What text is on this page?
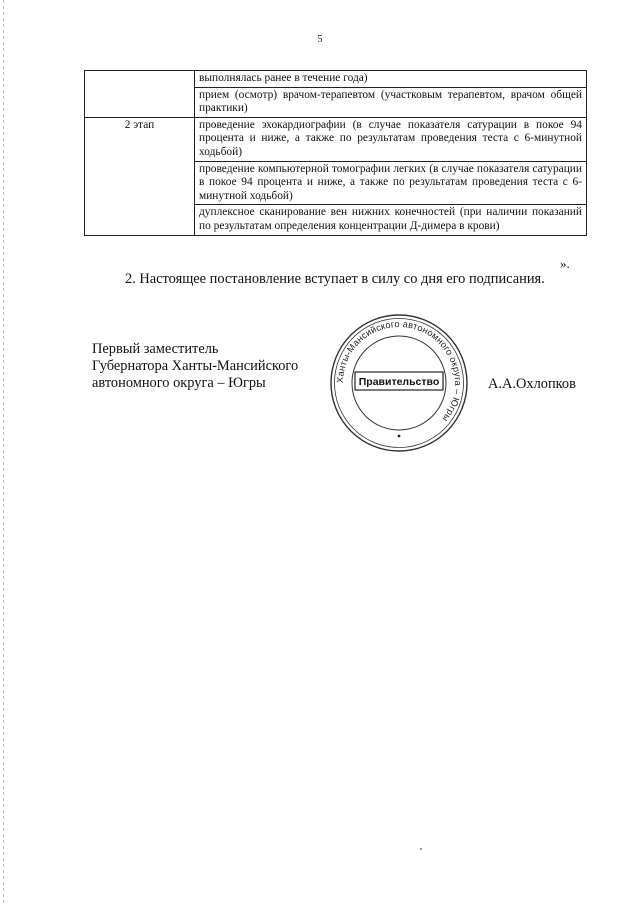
5
	выполнялась ранее в течение года)
	прием (осмотр) врачом-терапевтом (участковым терапевтом, врачом общей практики)
2 этап	проведение эхокардиографии (в случае показателя сатурации в покое 94 процента и ниже, а также по результатам проведения теста с 6-минутной ходьбой)
	проведение компьютерной томографии легких (в случае показателя сатурации в покое 94 процента и ниже, а также по результатам проведения теста с 6-минутной ходьбой)
	дуплексное сканирование вен нижних конечностей (при наличии показаний по результатам определения концентрации Д-димера в крови)
».
2. Настоящее постановление вступает в силу со дня его подписания.
Первый заместитель
Губернатора Ханты-Мансийского
автономного округа – Югры	Ханты-Мансийского автономного округа – Югры
Правительство	А.А.Охлопков
